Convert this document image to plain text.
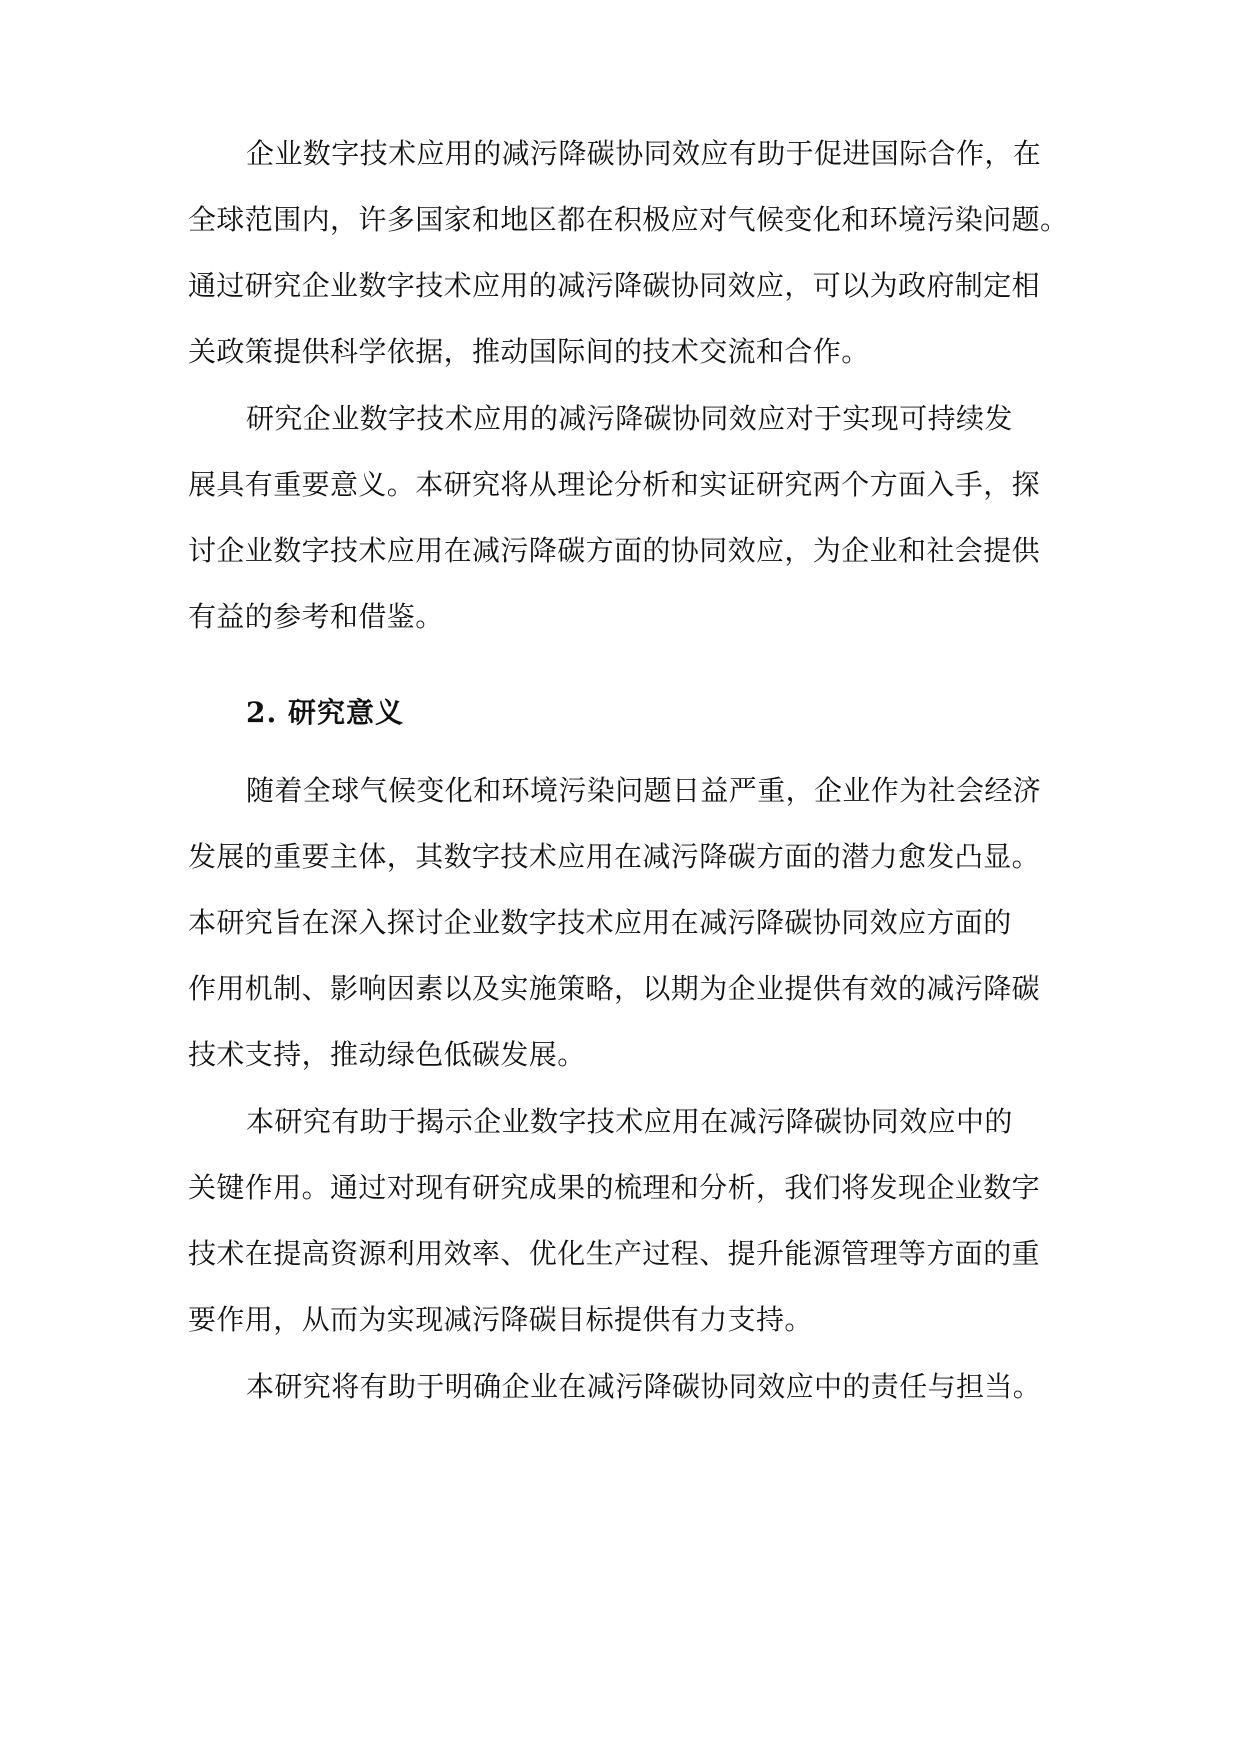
企业数字技术应用的减污降碳协同效应有助于促进国际合作，在
全球范围内，许多国家和地区都在积极应对气候变化和环境污染问题。
通过研究企业数字技术应用的减污降碳协同效应，可以为政府制定相
关政策提供科学依据，推动国际间的技术交流和合作。
研究企业数字技术应用的减污降碳协同效应对于实现可持续发
展具有重要意义。本研究将从理论分析和实证研究两个方面入手，探
讨企业数字技术应用在减污降碳方面的协同效应，为企业和社会提供
有益的参考和借鉴。
2. 研究意义
随着全球气候变化和环境污染问题日益严重，企业作为社会经济
发展的重要主体，其数字技术应用在减污降碳方面的潜力愈发凸显。
本研究旨在深入探讨企业数字技术应用在减污降碳协同效应方面的
作用机制、影响因素以及实施策略，以期为企业提供有效的减污降碳
技术支持，推动绿色低碳发展。
本研究有助于揭示企业数字技术应用在减污降碳协同效应中的
关键作用。通过对现有研究成果的梳理和分析，我们将发现企业数字
技术在提高资源利用效率、优化生产过程、提升能源管理等方面的重
要作用，从而为实现减污降碳目标提供有力支持。
本研究将有助于明确企业在减污降碳协同效应中的责任与担当。
